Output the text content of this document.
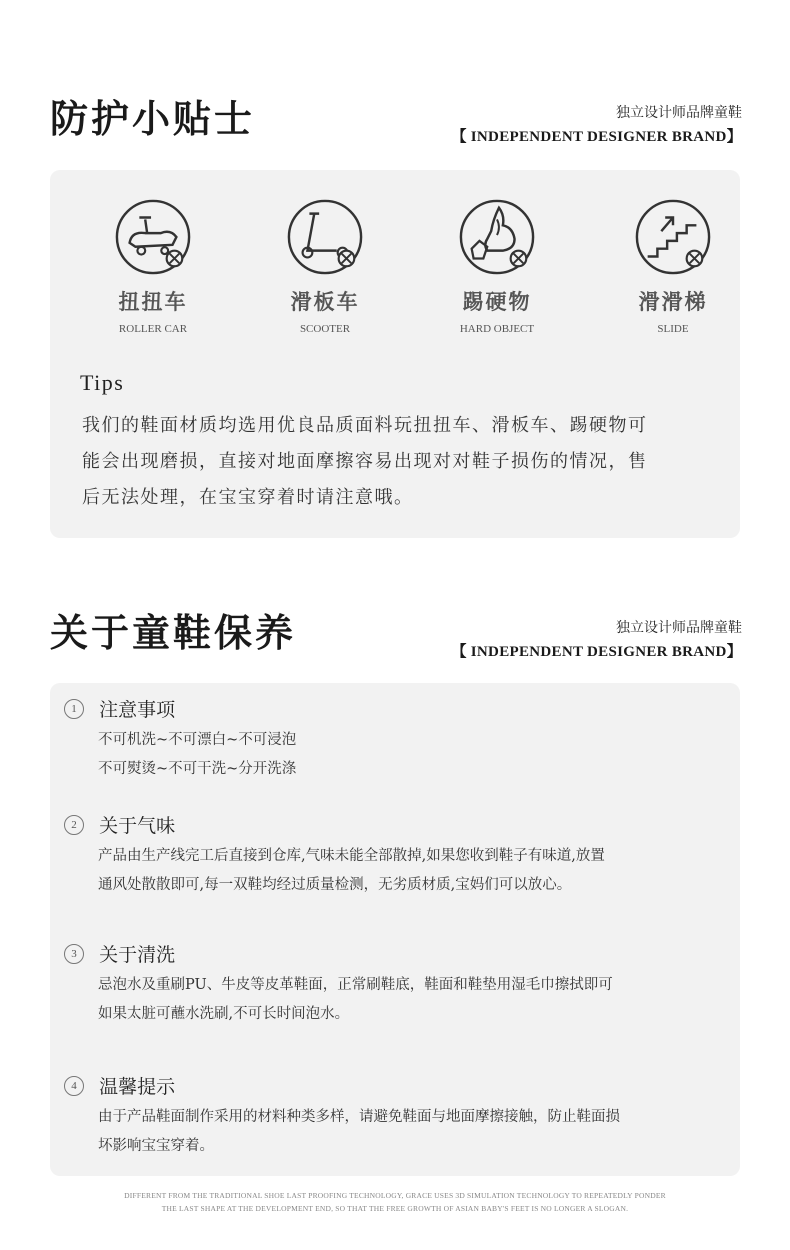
防护小贴士	独立设计师品牌童鞋
【 INDEPENDENT DESIGNER BRAND】
扭扭车
ROLLER CAR
滑板车
SCOOTER
踢硬物
HARD OBJECT
滑滑梯
SLIDE
Tips
我们的鞋面材质均选用优良品质面料玩扭扭车、滑板车、踢硬物可
能会出现磨损，直接对地面摩擦容易出现对对鞋子损伤的情况，售
后无法处理，在宝宝穿着时请注意哦。
关于童鞋保养	独立设计师品牌童鞋
【 INDEPENDENT DESIGNER BRAND】
1 注意事项
不可机洗~不可漂白~不可浸泡
不可熨烫~不可干洗~分开洗涤
2 关于气味
产品由生产线完工后直接到仓库,气味未能全部散掉,如果您收到鞋子有味道,放置
通风处散散即可,每一双鞋均经过质量检测，无劣质材质,宝妈们可以放心。
3 关于清洗
忌泡水及重刷PU、牛皮等皮革鞋面，正常刷鞋底，鞋面和鞋垫用湿毛巾擦拭即可
如果太脏可蘸水洗刷,不可长时间泡水。
4 温馨提示
由于产品鞋面制作采用的材料种类多样，请避免鞋面与地面摩擦接触，防止鞋面损
坏影响宝宝穿着。
DIFFERENT FROM THE TRADITIONAL SHOE LAST PROOFING TECHNOLOGY, GRACE USES 3D SIMULATION TECHNOLOGY TO REPEATEDLY PONDER
THE LAST SHAPE AT THE DEVELOPMENT END, SO THAT THE FREE GROWTH OF ASIAN BABY'S FEET IS NO LONGER A SLOGAN.
